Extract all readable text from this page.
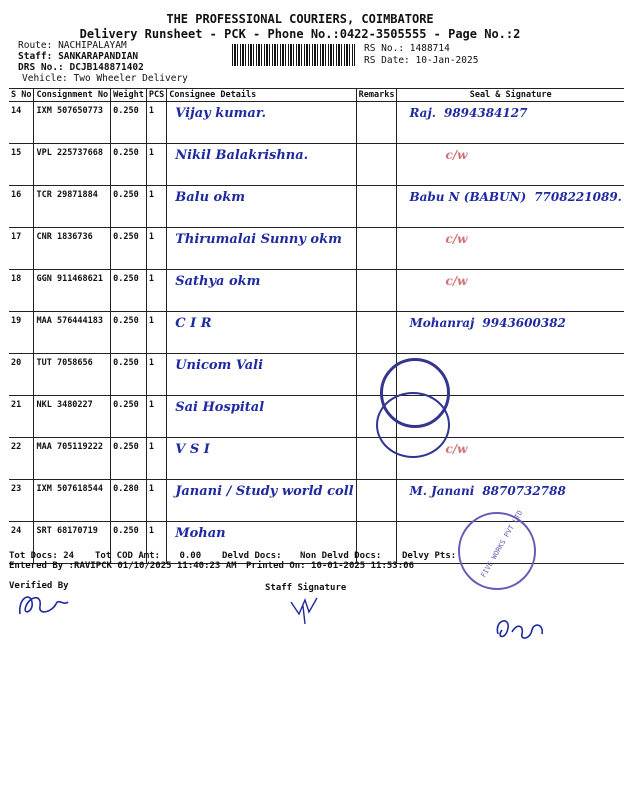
THE PROFESSIONAL COURIERS, COIMBATORE
Delivery Runsheet - PCK - Phone No.:0422-3505555 - Page No.:2
Route: NACHIPALAYAM
Staff: SANKARAPANDIAN
DRS No.: DCJB148871402
Vehicle: Two Wheeler Delivery
RS No.: 1488714
RS Date: 10-Jan-2025
S No	Consignment No	Weight	PCS	Consignee Details	Remarks	Seal & Signature
14	IXM 507650773	0.250	1	Vijay kumar.		Raj. 9894384127
15	VPL 225737668	0.250	1	Nikil Balakrishna.		c/w
16	TCR 29871884	0.250	1	Balu okm		Babu N (BABUN) 7708221089.
17	CNR 1836736	0.250	1	Thirumalai Sunny okm		c/w
18	GGN 911468621	0.250	1	Sathya okm		c/w
19	MAA 576444183	0.250	1	C I R		Mohanraj 9943600382
20	TUT 7058656	0.250	1	Unicom Vali		
21	NKL 3480227	0.250	1	Sai Hospital		
22	MAA 705119222	0.250	1	V S I		c/w
23	IXM 507618544	0.280	1	Janani / Study world coll		M. Janani 8870732788
24	SRT 68170719	0.250	1	Mohan			FIVE WORKS PVT LTD
Tot Docs: 24 Tot COD Amt: 0.00 Delvd Docs: Non Delvd Docs: Delvy Pts:
Entered By :RAVIPCK 01/10/2025 11:40:23 AM Printed On: 10-01-2025 11:53:06
Verified By	Staff Signature
